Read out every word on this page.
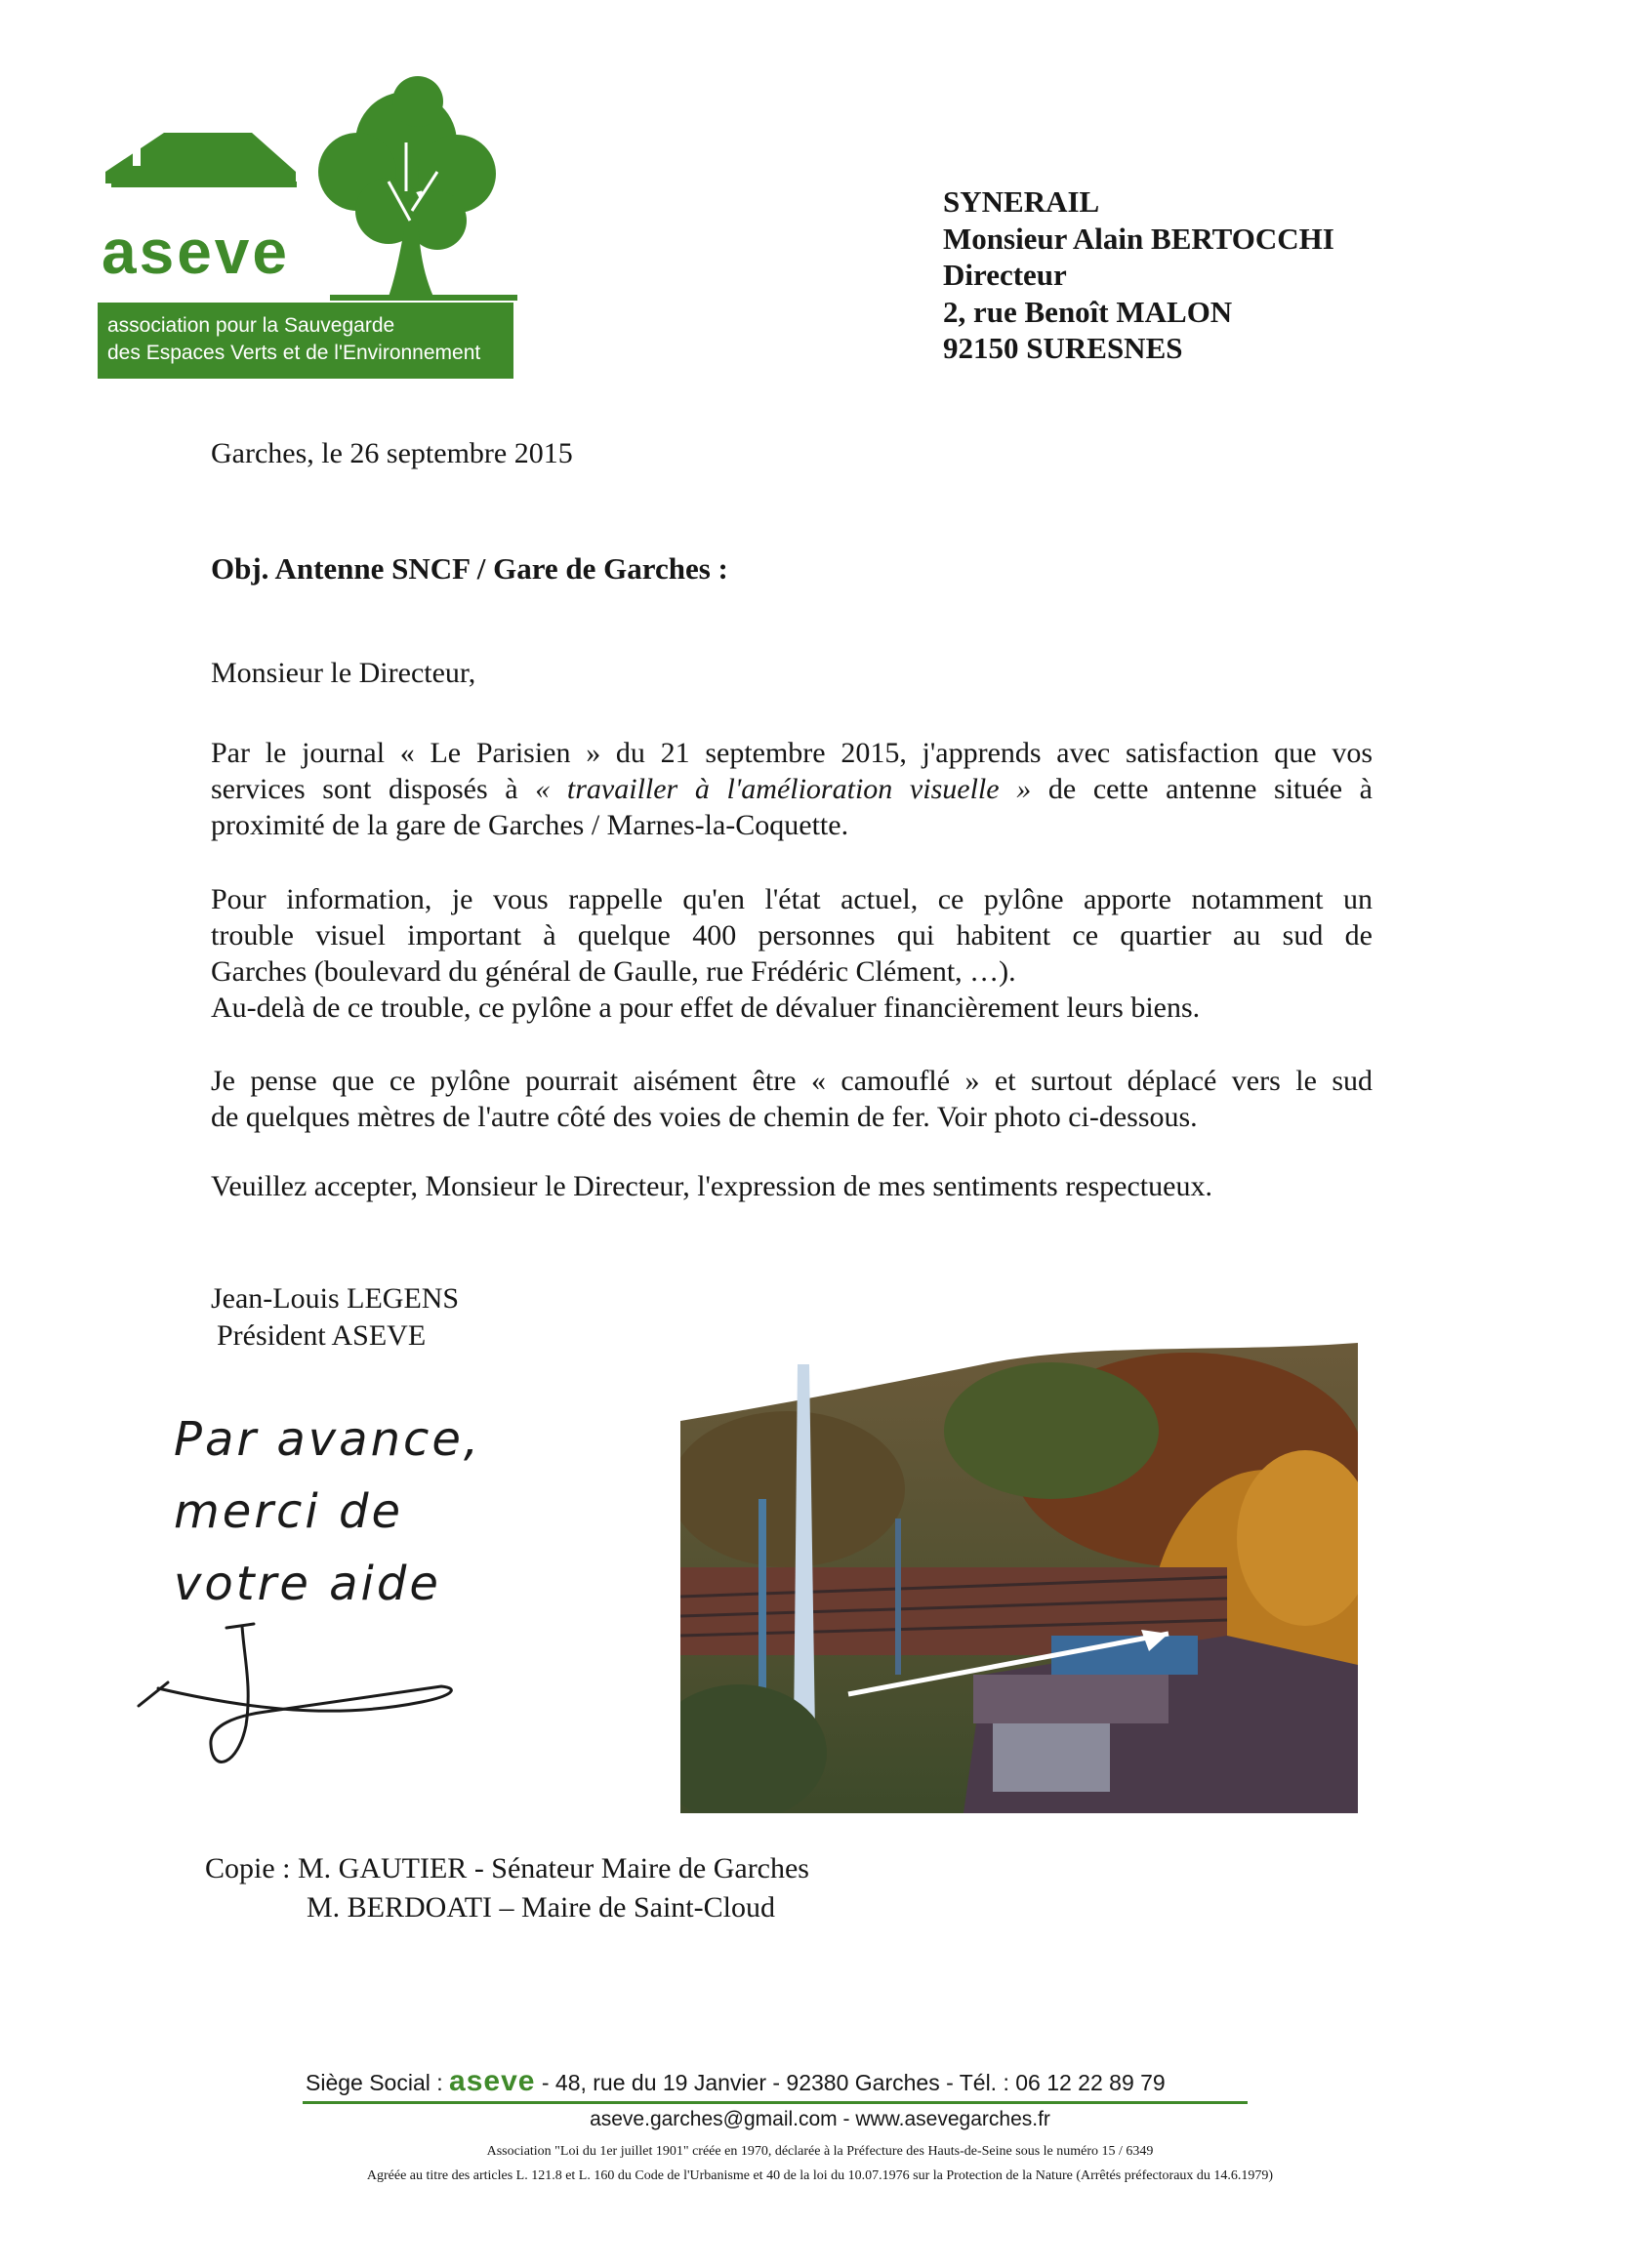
aseve
association pour la Sauvegarde
des Espaces Verts et de l'Environnement
SYNERAIL
Monsieur Alain BERTOCCHI
Directeur
2, rue Benoît MALON
92150 SURESNES
Garches, le 26 septembre 2015
Obj. Antenne SNCF / Gare de Garches :
Monsieur le Directeur,
Par le journal « Le Parisien » du 21 septembre 2015, j'apprends avec satisfaction que vos
services sont disposés à « travailler à l'amélioration visuelle » de cette antenne située à
proximité de la gare de Garches / Marnes-la-Coquette.
Pour information, je vous rappelle qu'en l'état actuel, ce pylône apporte notamment un
trouble visuel important à quelque 400 personnes qui habitent ce quartier au sud de
Garches (boulevard du général de Gaulle, rue Frédéric Clément, …).
Au-delà de ce trouble, ce pylône a pour effet de dévaluer financièrement leurs biens.
Je pense que ce pylône pourrait aisément être « camouflé » et surtout déplacé vers le sud
de quelques mètres de l'autre côté des voies de chemin de fer. Voir photo ci-dessous.
Veuillez accepter, Monsieur le Directeur, l'expression de mes sentiments respectueux.
Jean-Louis LEGENS
Président ASEVE
Par avance,
merci de
votre aide
Copie : M. GAUTIER - Sénateur Maire de Garches
M. BERDOATI – Maire de Saint-Cloud
Siège Social : aseve - 48, rue du 19 Janvier - 92380 Garches - Tél. : 06 12 22 89 79
aseve.garches@gmail.com - www.asevegarches.fr
Association "Loi du 1er juillet 1901" créée en 1970, déclarée à la Préfecture des Hauts-de-Seine sous le numéro 15 / 6349
Agréée au titre des articles L. 121.8 et L. 160 du Code de l'Urbanisme et 40 de la loi du 10.07.1976 sur la Protection de la Nature (Arrêtés préfectoraux du 14.6.1979)
